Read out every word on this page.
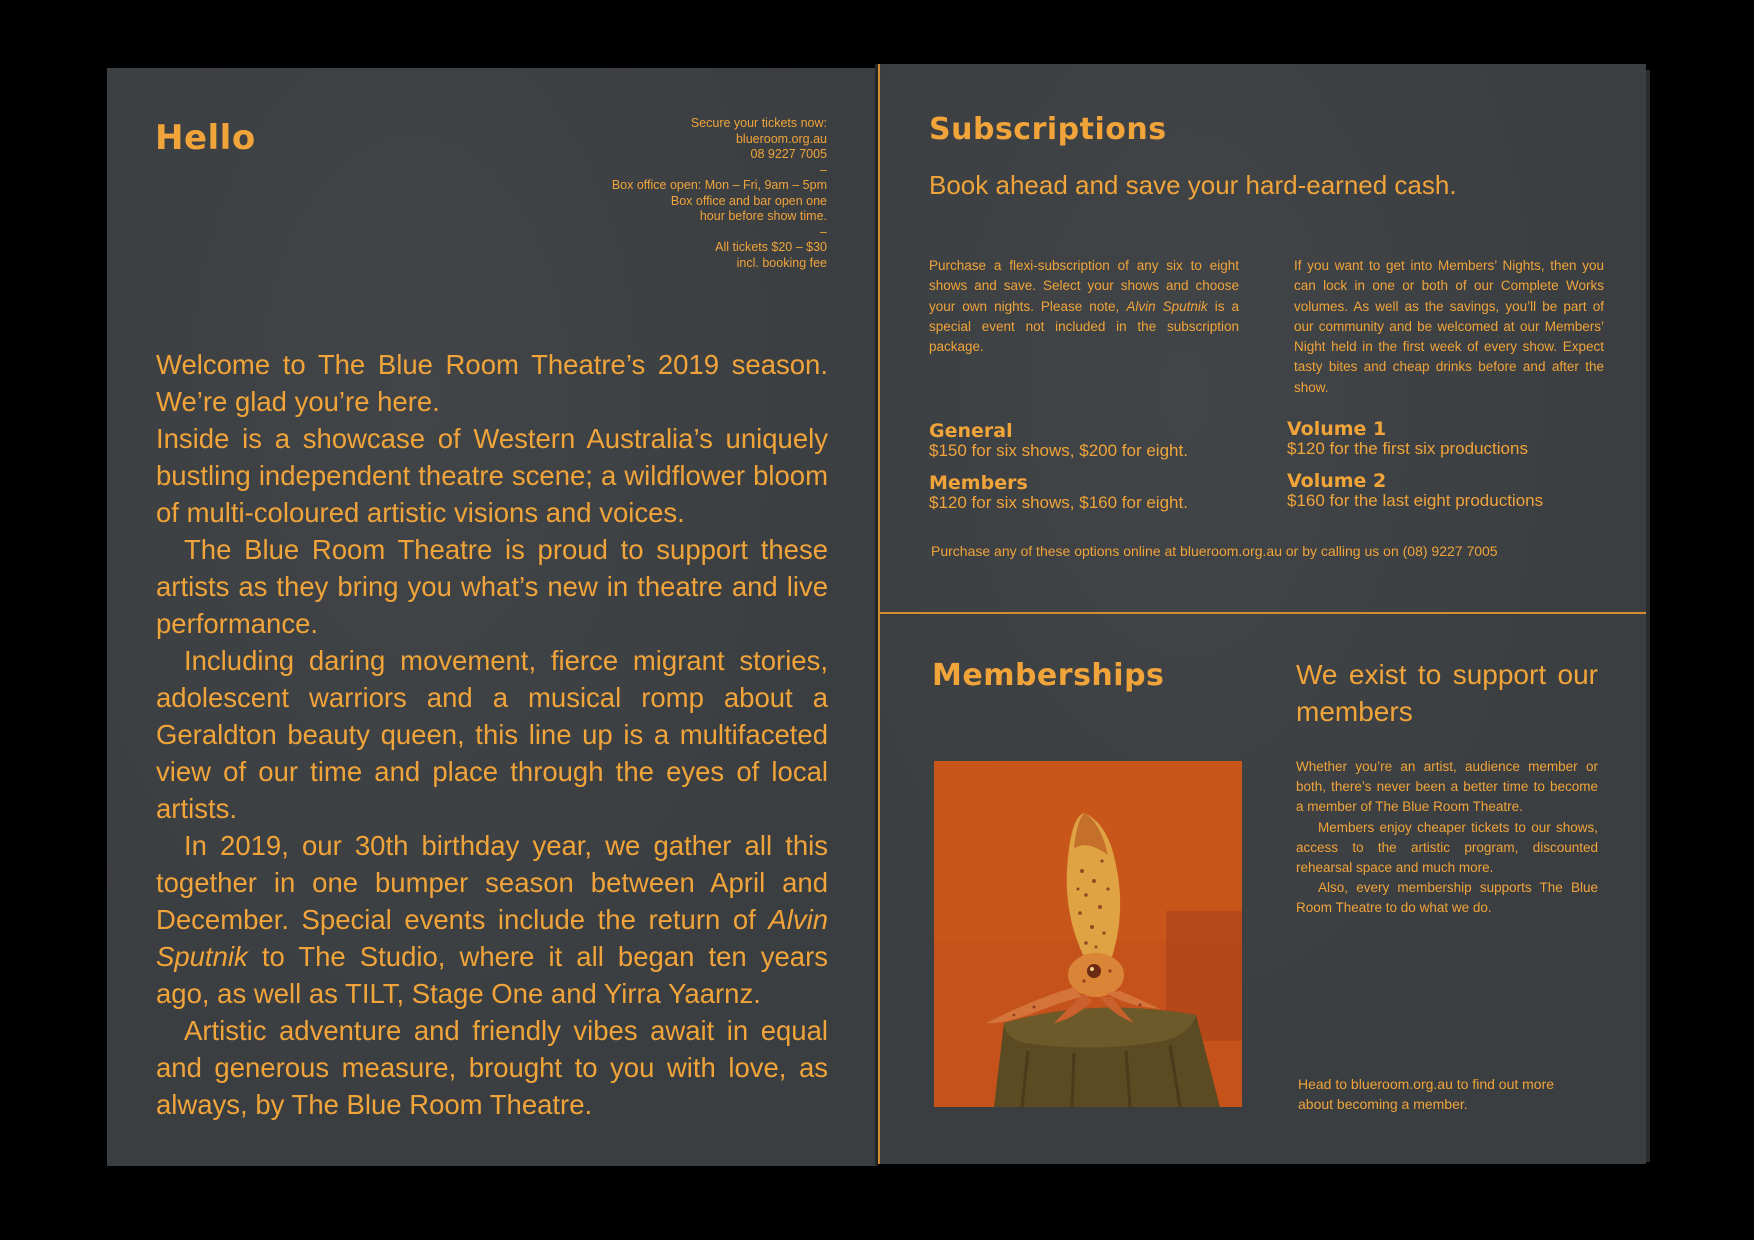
Hello	Secure your tickets now:
blueroom.org.au
08 9227 7005
–
Box office open: Mon – Fri, 9am – 5pm
Box office and bar open one
hour before show time.
–
All tickets $20 – $30
incl. booking fee

Welcome to The Blue Room Theatre’s 2019 season. We’re glad you’re here.

Inside is a showcase of Western Australia’s uniquely bustling independent theatre scene; a wildflower bloom of multi-coloured artistic visions and voices.

The Blue Room Theatre is proud to support these artists as they bring you what’s new in theatre and live performance.

Including daring movement, fierce migrant stories, adolescent warriors and a musical romp about a Geraldton beauty queen, this line up is a multifaceted view of our time and place through the eyes of local artists.

In 2019, our 30th birthday year, we gather all this together in one bumper season between April and December. Special events include the return of Alvin Sputnik to The Studio, where it all began ten years ago, as well as TILT, Stage One and Yirra Yaarnz.

Artistic adventure and friendly vibes await in equal and generous measure, brought to you with love, as always, by The Blue Room Theatre.

Subscriptions
Book ahead and save your hard-earned cash.
Purchase a flexi-subscription of any six to eight shows and save. Select your shows and choose your own nights. Please note, Alvin Sputnik is a special event not included in the subscription package.
If you want to get into Members’ Nights, then you can lock in one or both of our Complete Works volumes. As well as the savings, you’ll be part of our community and be welcomed at our Members’ Night held in the first week of every show. Expect tasty bites and cheap drinks before and after the show.
General
$150 for six shows, $200 for eight.
Members
$120 for six shows, $160 for eight.
Volume 1
$120 for the first six productions
Volume 2
$160 for the last eight productions
Purchase any of these options online at blueroom.org.au or by calling us on (08) 9227 7005
Memberships	We exist to support our members

Whether you’re an artist, audience member or both, there’s never been a better time to become a member of The Blue Room Theatre.

Members enjoy cheaper tickets to our shows, access to the artistic program, discounted rehearsal space and much more.

Also, every membership supports The Blue Room Theatre to do what we do.

Head to blueroom.org.au to find out more about becoming a member.
